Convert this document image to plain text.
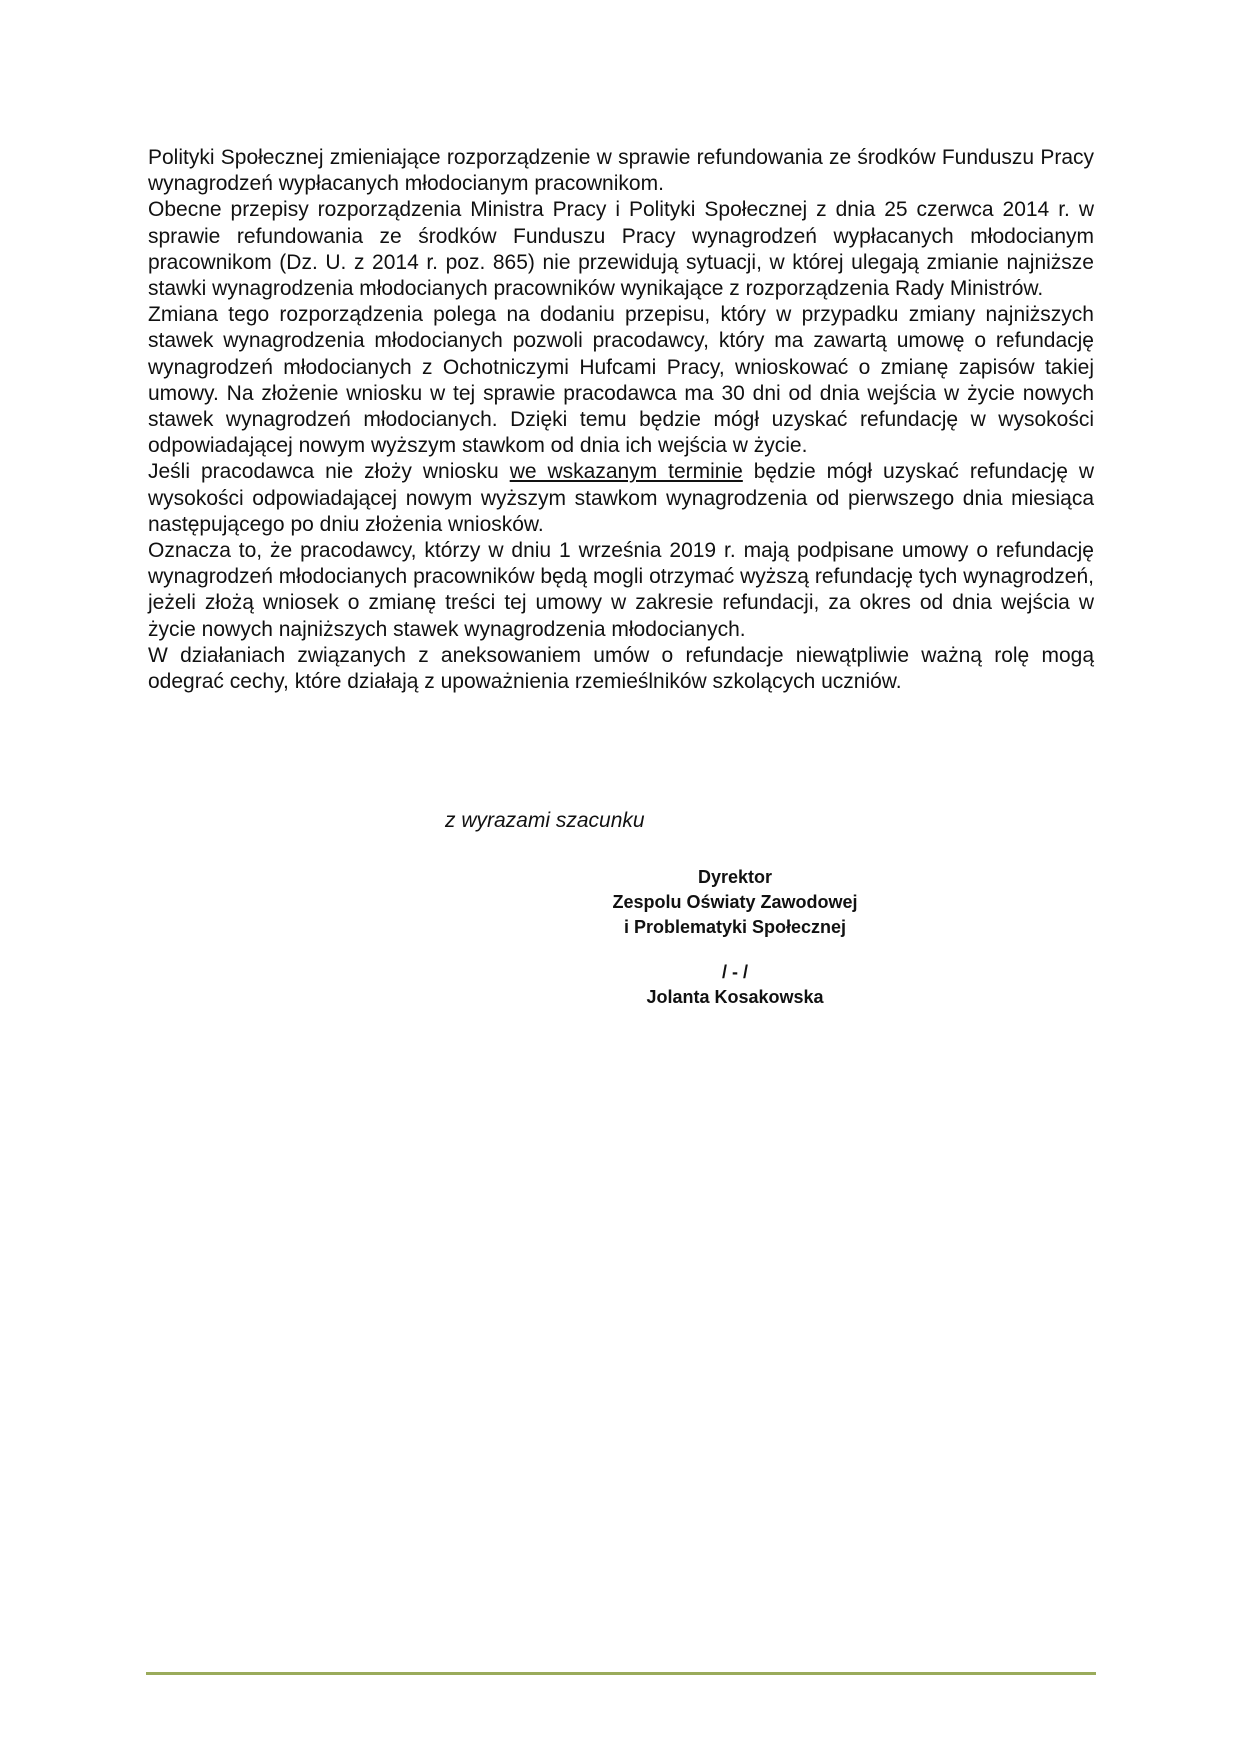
Polityki Społecznej zmieniające rozporządzenie w sprawie refundowania ze środków Funduszu Pracy wynagrodzeń wypłacanych młodocianym pracownikom.

Obecne przepisy rozporządzenia Ministra Pracy i Polityki Społecznej z dnia 25 czerwca 2014 r. w sprawie refundowania ze środków Funduszu Pracy wynagrodzeń wypłacanych młodocianym pracownikom (Dz. U. z 2014 r. poz. 865) nie przewidują sytuacji, w której ulegają zmianie najniższe stawki wynagrodzenia młodocianych pracowników wynikające z rozporządzenia Rady Ministrów.

Zmiana tego rozporządzenia polega na dodaniu przepisu, który w przypadku zmiany najniższych stawek wynagrodzenia młodocianych pozwoli pracodawcy, który ma zawartą umowę o refundację wynagrodzeń młodocianych z Ochotniczymi Hufcami Pracy, wnioskować o zmianę zapisów takiej umowy. Na złożenie wniosku w tej sprawie pracodawca ma 30 dni od dnia wejścia w życie nowych stawek wynagrodzeń młodocianych. Dzięki temu będzie mógł uzyskać refundację w wysokości odpowiadającej nowym wyższym stawkom od dnia ich wejścia w życie.

Jeśli pracodawca nie złoży wniosku we wskazanym terminie będzie mógł uzyskać refundację w wysokości odpowiadającej nowym wyższym stawkom wynagrodzenia od pierwszego dnia miesiąca następującego po dniu złożenia wniosków.

Oznacza to, że pracodawcy, którzy w dniu 1 września 2019 r. mają podpisane umowy o refundację wynagrodzeń młodocianych pracowników będą mogli otrzymać wyższą refundację tych wynagrodzeń, jeżeli złożą wniosek o zmianę treści tej umowy w zakresie refundacji, za okres od dnia wejścia w życie nowych najniższych stawek wynagrodzenia młodocianych.

W działaniach związanych z aneksowaniem umów o refundacje niewątpliwie ważną rolę mogą odegrać cechy, które działają z upoważnienia rzemieślników szkolących uczniów.

z wyrazami szacunku
Dyrektor
Zespolu Oświaty Zawodowej
i Problematyki Społecznej
/ - /
Jolanta Kosakowska
